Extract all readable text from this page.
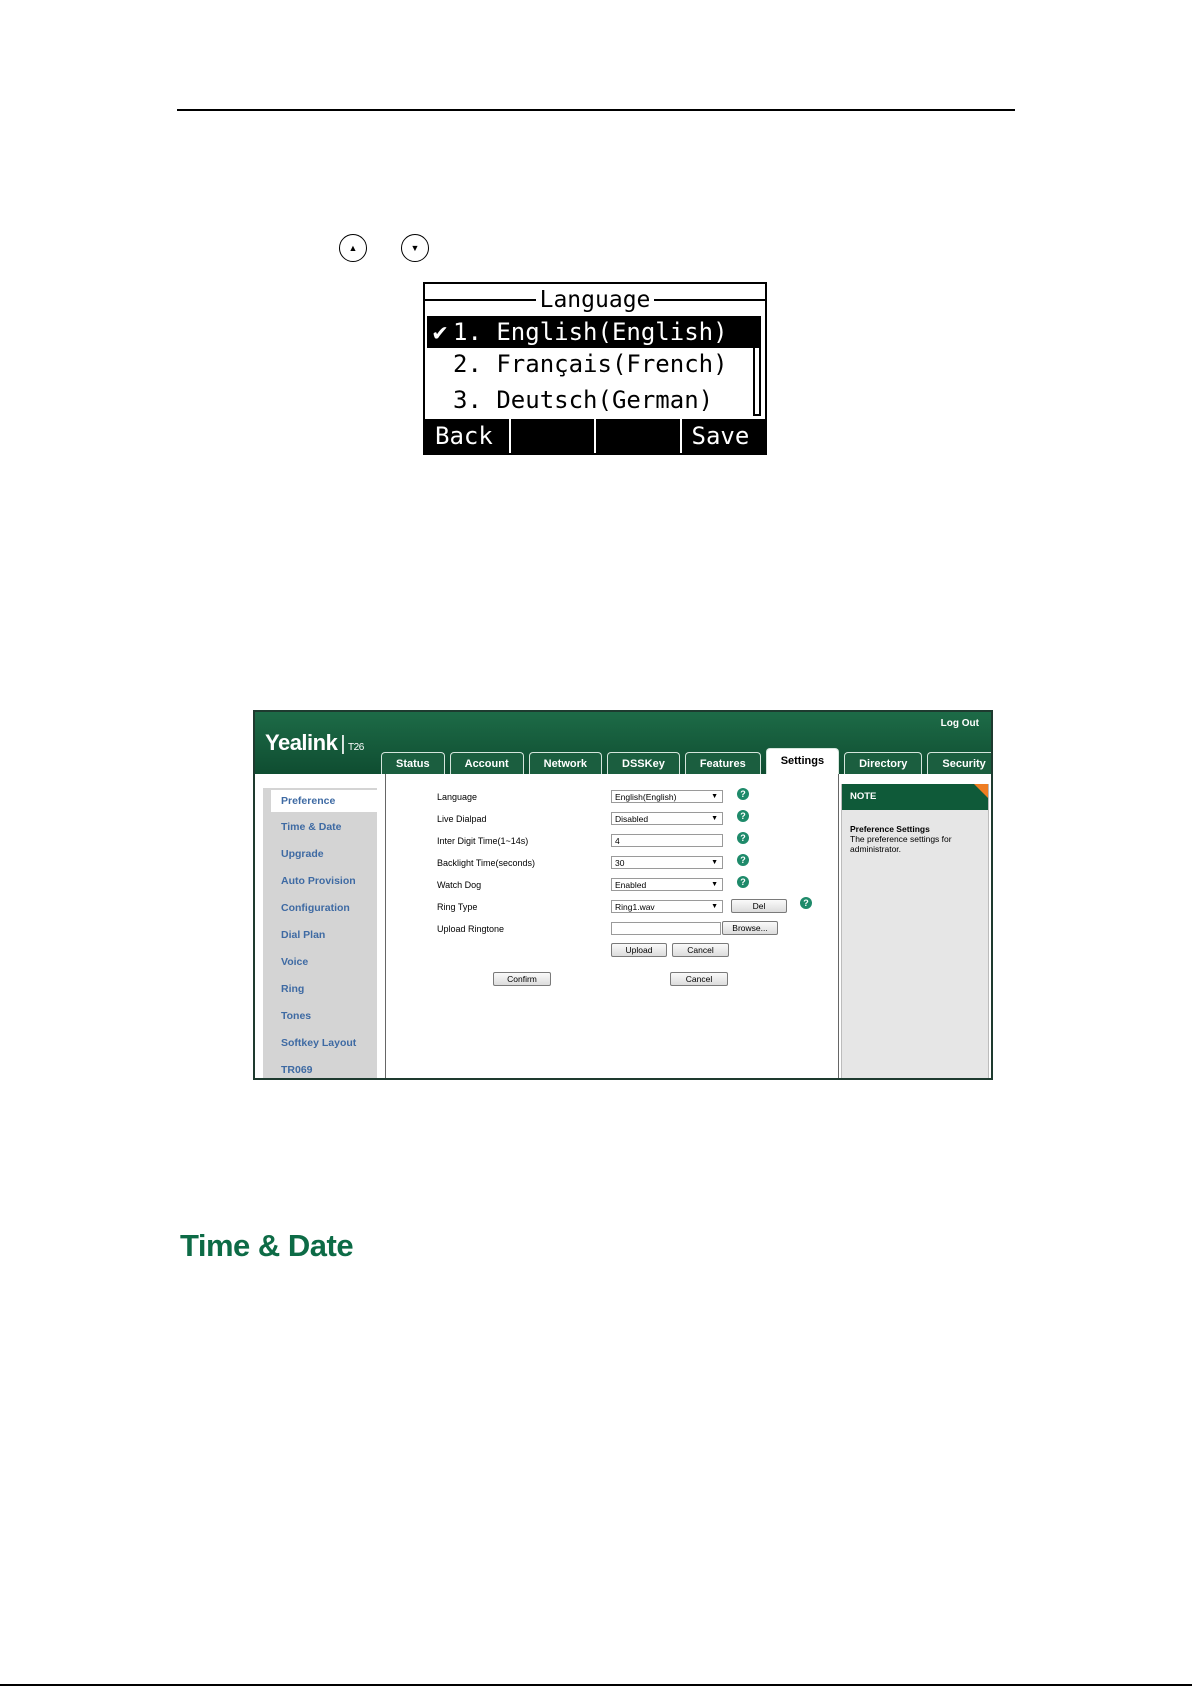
▲	▼
Language
✔ 1. English(English)
2. Français(French)
3. Deutsch(German)
Back	Save
Yealink | T26
Log Out
Status	Account	Network	DSSKey	Features	Settings	Directory	Security
Preference
Time & Date
Upgrade
Auto Provision
Configuration
Dial Plan
Voice
Ring
Tones
Softkey Layout
TR069
Language	English(English)	▼	?
Live Dialpad	Disabled	▼	?
Inter Digit Time(1~14s)	4	?
Backlight Time(seconds)	30	▼	?
Watch Dog	Enabled	▼	?
Ring Type	Ring1.wav	▼	Del	?
Upload Ringtone	Browse...
Upload	Cancel
Confirm	Cancel
NOTE
Preference Settings
The preference settings for administrator.
Time & Date
